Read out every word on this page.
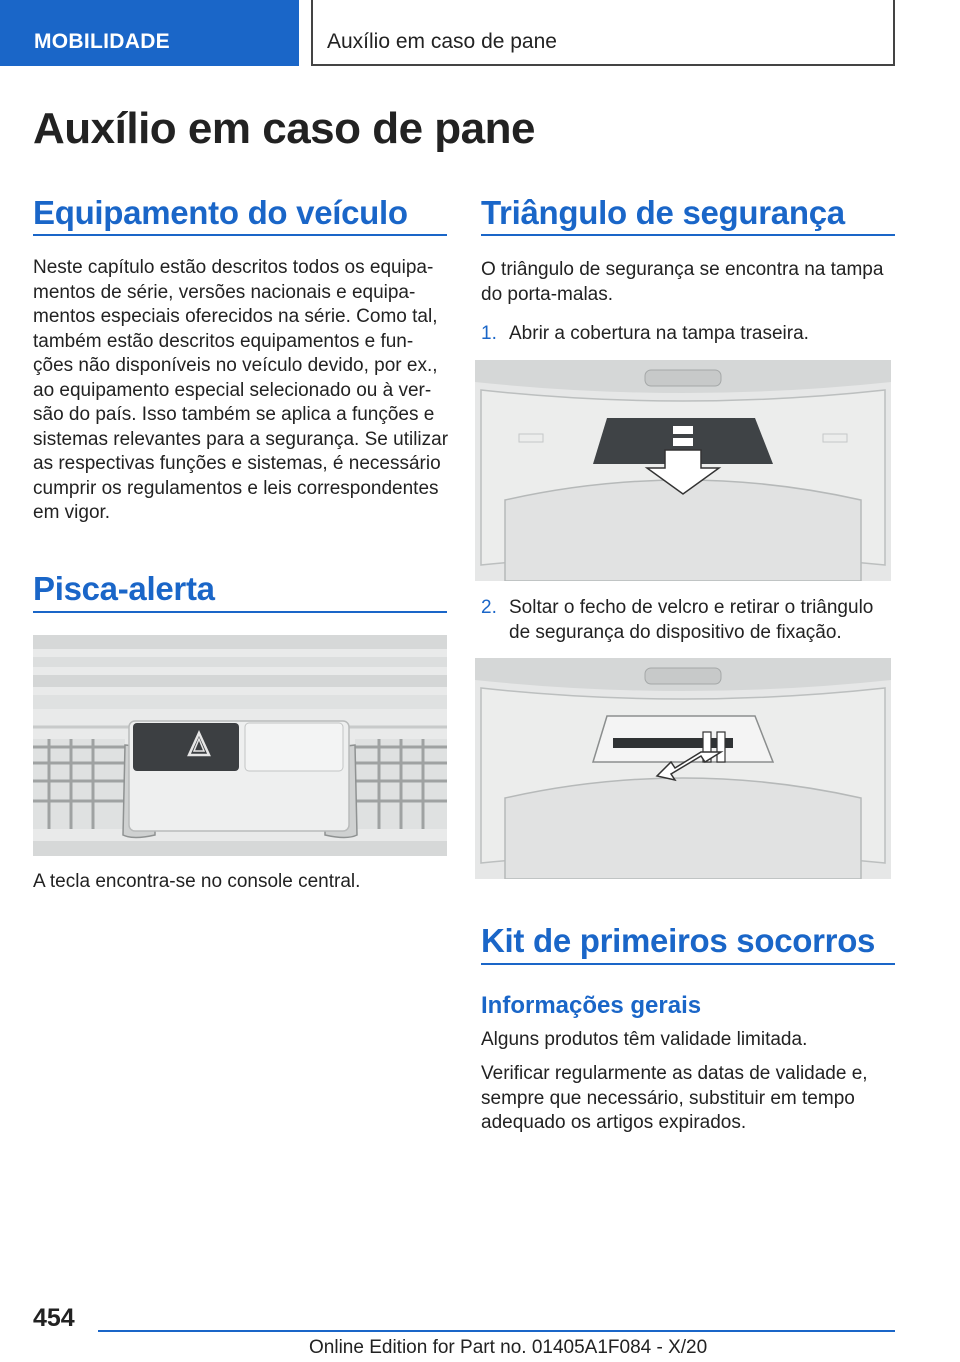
MOBILIDADE	Auxílio em caso de pane
Auxílio em caso de pane
Equipamento do veículo
Neste capítulo estão descritos todos os equipa‐
mentos de série, versões nacionais e equipa‐
mentos especiais oferecidos na série. Como tal,
também estão descritos equipamentos e fun‐
ções não disponíveis no veículo devido, por ex.,
ao equipamento especial selecionado ou à ver‐
são do país. Isso também se aplica a funções e
sistemas relevantes para a segurança. Se utilizar
as respectivas funções e sistemas, é necessário
cumprir os regulamentos e leis correspondentes
em vigor.
Pisca-alerta
A tecla encontra-se no console central.
Triângulo de segurança
O triângulo de segurança se encontra na tampa
do porta-malas.
1. Abrir a cobertura na tampa traseira.
2. Soltar o fecho de velcro e retirar o triângulo
de segurança do dispositivo de fixação.
Kit de primeiros socorros
Informações gerais
Alguns produtos têm validade limitada.
Verificar regularmente as datas de validade e,
sempre que necessário, substituir em tempo
adequado os artigos expirados.
454
Online Edition for Part no. 01405A1F084 - X/20
